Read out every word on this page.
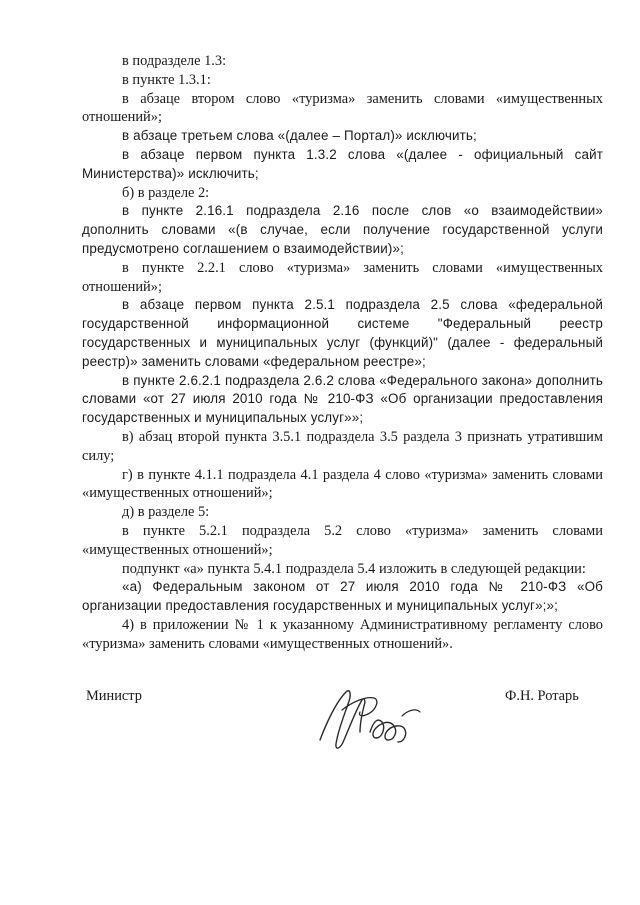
в подразделе 1.3:

в пункте 1.3.1:

в абзаце втором слово «туризма» заменить словами «имущественных отношений»;

в абзаце третьем слова «(далее – Портал)» исключить;

в абзаце первом пункта 1.3.2 слова «(далее - официальный сайт Министерства)» исключить;

б) в разделе 2:

в пункте 2.16.1 подраздела 2.16 после слов «о взаимодействии» дополнить словами «(в случае, если получение государственной услуги предусмотрено соглашением о взаимодействии)»;

в пункте 2.2.1 слово «туризма» заменить словами «имущественных отношений»;

в абзаце первом пункта 2.5.1 подраздела 2.5 слова «федеральной государственной информационной системе "Федеральный реестр государственных и муниципальных услуг (функций)" (далее - федеральный реестр)» заменить словами «федеральном реестре»;

в пункте 2.6.2.1 подраздела 2.6.2 слова «Федерального закона» дополнить словами «от 27 июля 2010 года № 210-ФЗ «Об организации предоставления государственных и муниципальных услуг»»;

в) абзац второй пункта 3.5.1 подраздела 3.5 раздела 3 признать утратившим силу;

г) в пункте 4.1.1 подраздела 4.1 раздела 4 слово «туризма» заменить словами «имущественных отношений»;

д) в разделе 5:

в пункте 5.2.1 подраздела 5.2 слово «туризма» заменить словами «имущественных отношений»;

подпункт «а» пункта 5.4.1 подраздела 5.4 изложить в следующей редакции:

«а) Федеральным законом от 27 июля 2010 года № 210-ФЗ «Об организации предоставления государственных и муниципальных услуг»;»;

4) в приложении № 1 к указанному Административному регламенту слово «туризма» заменить словами «имущественных отношений».

Министр	Ф.Н. Ротарь
